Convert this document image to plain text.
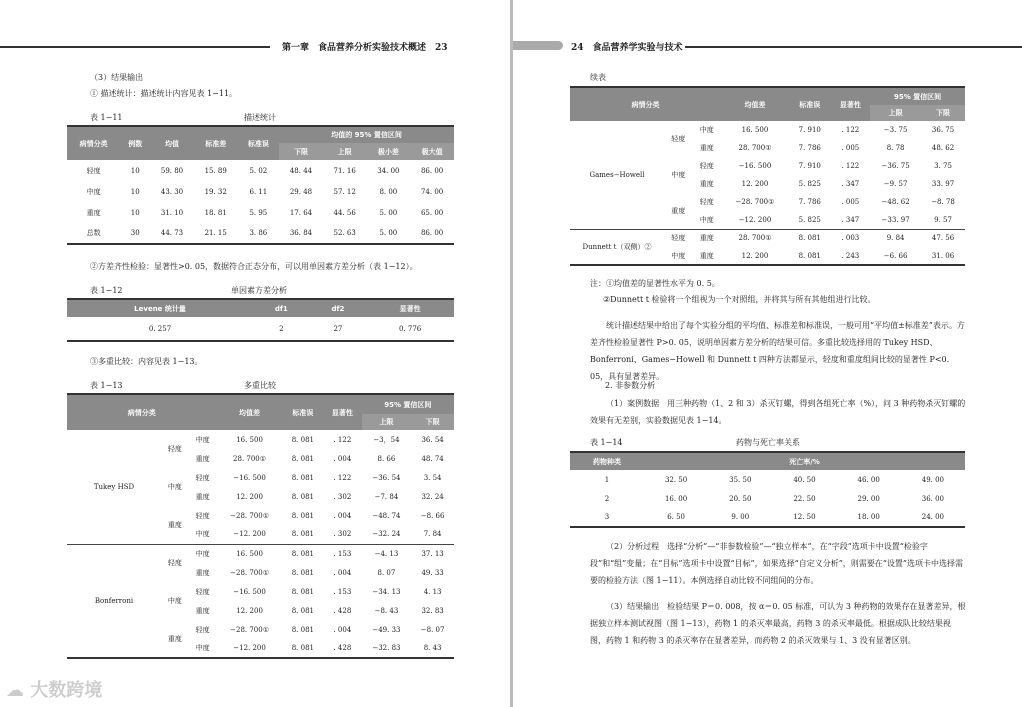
第一章　食品营养分析实验技术概述　23
（3）结果输出
① 描述统计：描述统计内容见表 1−11。
表 1−11	描述统计
病情分类	例数	均值	标准差	标准误	均值的 95% 置信区间			
					下限	上限	极小差	极大值
轻度	10	59. 80	15. 89	5. 02	48. 44	71. 16	34. 00	86. 00
中度	10	43. 30	19. 32	6. 11	29. 48	57. 12	8. 00	74. 00
重度	10	31. 10	18. 81	5. 95	17. 64	44. 56	5. 00	65. 00
总数	30	44. 73	21. 15	3. 86	36. 84	52. 63	5. 00	86. 00
②方差齐性检验：显著性>0. 05，数据符合正态分布，可以用单因素方差分析（表 1−12）。
表 1−12	单因素方差分析
Levene 统计量	df1	df2	显著性
0. 257	2	27	0. 776
③多重比较：内容见表 1−13。
表 1−13	多重比较
病情分类			均值差	标准误	显著性	95% 置信区间	
						上限	下限
Tukey HSD	轻度	中度	16. 500	8. 081	. 122	−3，54	36. 54
		重度	28. 700①	8. 081	. 004	8. 66	48. 74
	中度	轻度	−16. 500	8. 081	. 122	−36. 54	3. 54
		重度	12. 200	8. 081	. 302	−7. 84	32. 24
	重度	轻度	−28. 700①	8. 081	. 004	−48. 74	−8. 66
		中度	−12. 200	8. 081	. 302	−32. 24	7. 84
Bonferroni	轻度	中度	16. 500	8. 081	. 153	−4. 13	37. 13
		重度	−28. 700①	8. 081	. 004	8. 07	49. 33
	中度	轻度	−16. 500	8. 081	. 153	−34. 13	4. 13
		重度	12. 200	8. 081	. 428	−8. 43	32. 83
	重度	轻度	−28. 700①	8. 081	. 004	−49. 33	−8. 07
		中度	−12. 200	8. 081	. 428	−32. 83	8. 43
☁ 大数跨境
24　食品营养学实验与技术
续表
病情分类			均值差	标准误	显著性	95% 置信区间	
						上限	下限
Games−Howell	轻度	中度	16. 500	7. 910	. 122	−3. 75	36. 75
		重度	28. 700①	7. 786	. 005	8. 78	48. 62
	中度	轻度	−16. 500	7. 910	. 122	−36. 75	3. 75
		重度	12. 200	5. 825	. 347	−9. 57	33. 97
	重度	轻度	−28. 700①	7. 786	. 005	−48. 62	−8. 78
		中度	−12. 200	5. 825	. 347	−33. 97	9. 57
Dunnett t（双侧）②	轻度	重度	28. 700①	8. 081	. 003	9. 84	47. 56
	中度	重度	12. 200	8. 081	. 243	−6. 66	31. 06
注：①均值差的显著性水平为 0. 5。
②Dunnett t 检验将一个组视为一个对照组，并将其与所有其他组进行比较。
统计描述结果中给出了每个实验分组的平均值、标准差和标准误，一般可用“平均值±标准差”表示。方差齐性检验显著性 P>0. 05，说明单因素方差分析的结果可信。多重比较选择用的 Tukey HSD、Bonferroni、Games−Howell 和 Dunnett t 四种方法都显示，轻度和重度组间比较的显著性 P<0. 05，具有显著差异。
2. 非参数分析
（1）案例数据　用三种药物（1、2 和 3）杀灭钉螺，得到各组死亡率（%），问 3 种药物杀灭钉螺的效果有无差别，实验数据见表 1−14。
表 1−14	药物与死亡率关系
药物种类	死亡率/%				
1	32. 50	35. 50	40. 50	46. 00	49. 00
2	16. 00	20. 50	22. 50	29. 00	36. 00
3	6. 50	9. 00	12. 50	18. 00	24. 00
（2）分析过程　选择“分析”—“非参数检验”—“独立样本”，在“字段”选项卡中设置“检验字段”和“组”变量；在“目标”选项卡中设置“目标”，如果选择“自定义分析”，则需要在“设置”选项卡中选择需要的检验方法（图 1−11）。本例选择自动比较不同组间的分布。
（3）结果输出　检验结果 P＝0. 008，按 α＝0. 05 标准，可认为 3 种药物的效果存在显著差异，根据独立样本测试视图（图 1−13），药物 1 的杀灭率最高，药物 3 的杀灭率最低。根据成队比较结果视图，药物 1 和药物 3 的杀灭率存在显著差异，而药物 2 的杀灭效果与 1、3 没有显著区别。
